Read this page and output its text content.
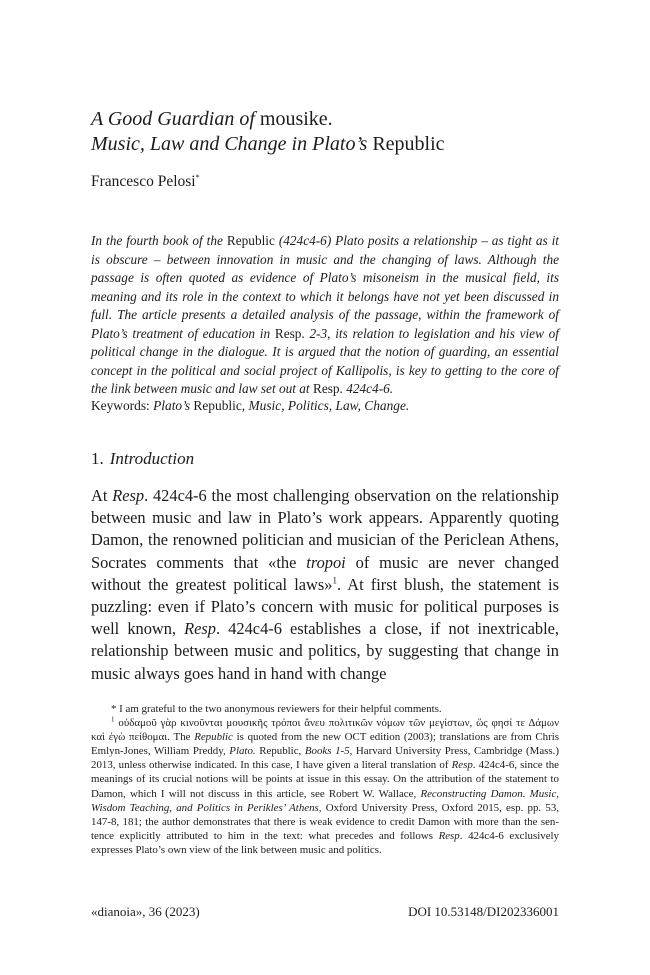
A Good Guardian of mousike.
Music, Law and Change in Plato’s Republic
Francesco Pelosi*
In the fourth book of the Republic (424c4-6) Plato posits a relationship – as tight as it is obscure – between innovation in music and the changing of laws. Although the passage is often quoted as evidence of Plato’s misoneism in the musical field, its meaning and its role in the context to which it belongs have not yet been discussed in full. The article presents a detailed analysis of the passage, within the framework of Plato’s treatment of education in Resp. 2-3, its relation to legislation and his view of political change in the dialogue. It is argued that the notion of guarding, an essential concept in the political and social project of Kallipolis, is key to getting to the core of the link between music and law set out at Resp. 424c4-6.
Keywords: Plato’s Republic, Music, Politics, Law, Change.
1. Introduction
At Resp. 424c4-6 the most challenging observation on the relationship between music and law in Plato’s work appears. Apparently quoting Damon, the renowned politician and musician of the Periclean Athens, Socrates comments that «the tropoi of music are never changed without the greatest political laws»$^1$. At first blush, the statement is puzzling: even if Plato’s concern with music for political purposes is well known, Resp. 424c4-6 establishes a close, if not inextricable, relationship between music and politics, by suggesting that change in music always goes hand in hand with change

* I am grateful to the two anonymous reviewers for their helpful comments.

$^1$ οὐδαμοῦ γὰρ κινοῦνται μουσικῆς τρόποι ἄνευ πολιτικῶν νόμων τῶν μεγίστων, ὥς φησί τε Δάμων καὶ ἐγὼ πείθομαι. The Republic is quoted from the new OCT edition (2003); translations are from Chris Emlyn-Jones, William Preddy, Plato. Republic, Books 1-5, Harvard University Press, Cambridge (Mass.) 2013, unless otherwise indicated. In this case, I have given a literal translation of Resp. 424c4-6, since the meanings of its crucial notions will be points at issue in this essay. On the attribution of the statement to Damon, which I will not discuss in this article, see Robert W. Wallace, Reconstructing Damon. Music, Wisdom Teaching, and Politics in Perikles’ Athens, Oxford University Press, Oxford 2015, esp. pp. 53, 147-8, 181; the author demonstrates that there is weak evidence to credit Damon with more than the sentence explicitly attributed to him in the text: what precedes and follows Resp. 424c4-6 exclusively expresses Plato’s own view of the link between music and politics.

«dianoia», 36 (2023)	DOI 10.53148/DI202336001
